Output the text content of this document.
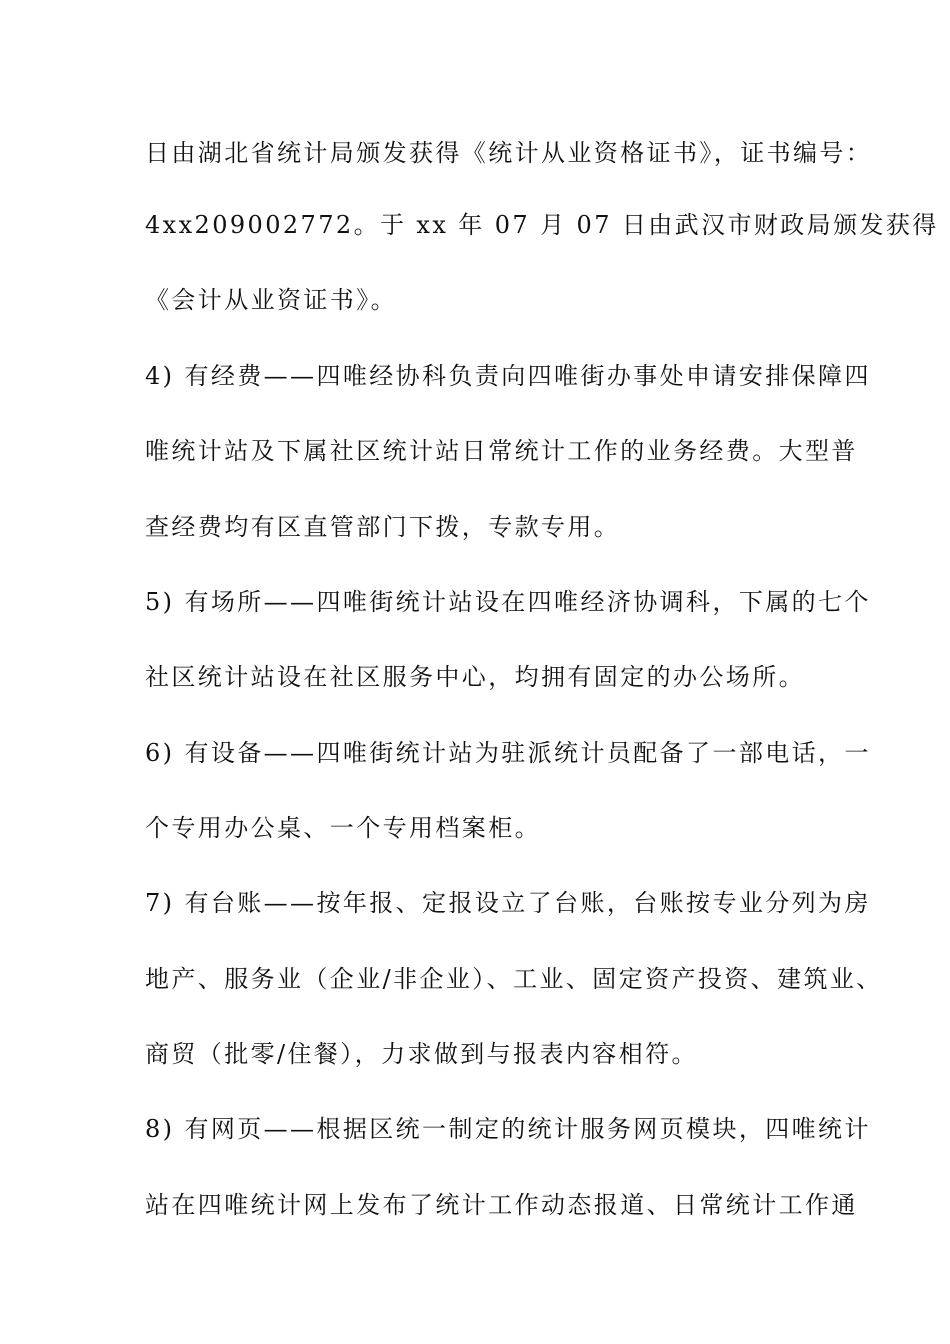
日由湖北省统计局颁发获得《统计从业资格证书》，证书编号：
4xx209002772。于 xx 年 07 月 07 日由武汉市财政局颁发获得
《会计从业资证书》。
4) 有经费——四唯经协科负责向四唯街办事处申请安排保障四
唯统计站及下属社区统计站日常统计工作的业务经费。大型普
查经费均有区直管部门下拨，专款专用。
5) 有场所——四唯街统计站设在四唯经济协调科，下属的七个
社区统计站设在社区服务中心，均拥有固定的办公场所。
6) 有设备——四唯街统计站为驻派统计员配备了一部电话，一
个专用办公桌、一个专用档案柜。
7) 有台账——按年报、定报设立了台账，台账按专业分列为房
地产、服务业（企业/非企业）、工业、固定资产投资、建筑业、
商贸（批零/住餐），力求做到与报表内容相符。
8) 有网页——根据区统一制定的统计服务网页模块，四唯统计
站在四唯统计网上发布了统计工作动态报道、日常统计工作通
